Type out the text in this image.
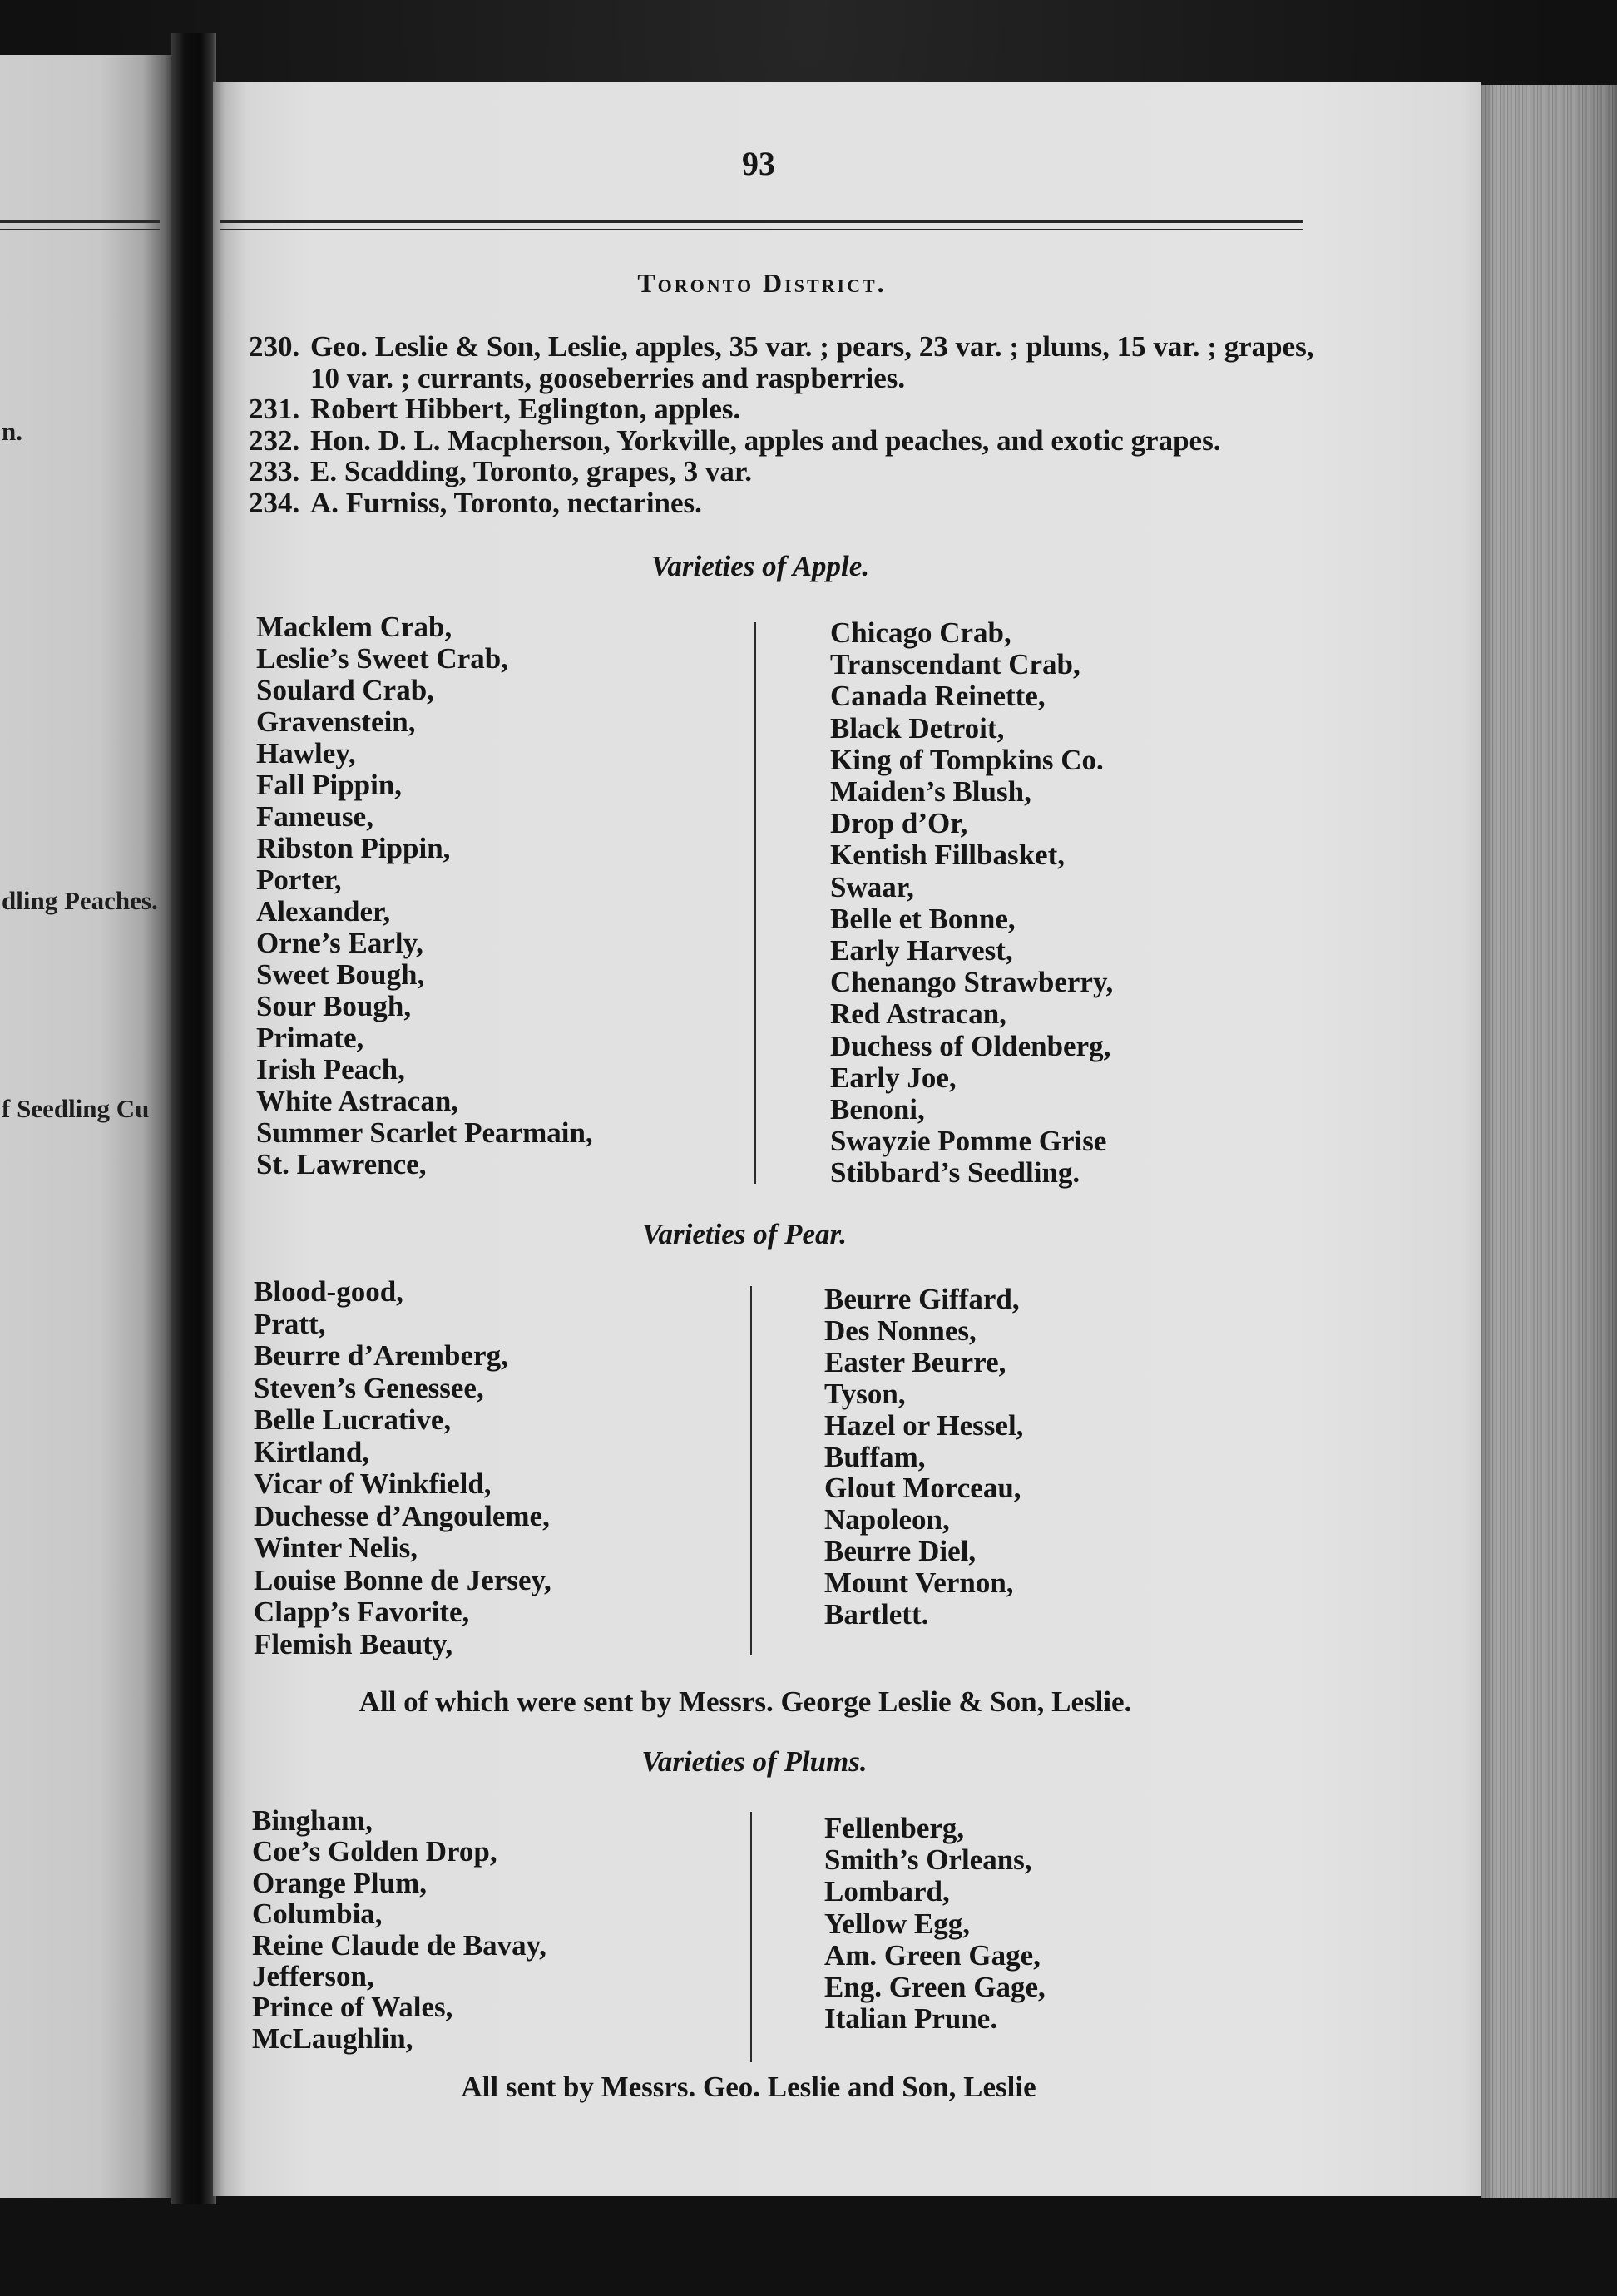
n.
dling Peaches.
f Seedling Cu
93
Toronto District.
230. Geo. Leslie & Son, Leslie, apples, 35 var. ; pears, 23 var. ; plums, 15 var. ; grapes,
10 var. ; currants, gooseberries and raspberries.
231. Robert Hibbert, Eglington, apples.
232. Hon. D. L. Macpherson, Yorkville, apples and peaches, and exotic grapes.
233. E. Scadding, Toronto, grapes, 3 var.
234. A. Furniss, Toronto, nectarines.
Varieties of Apple.
Macklem Crab,
Leslie’s Sweet Crab,
Soulard Crab,
Gravenstein,
Hawley,
Fall Pippin,
Fameuse,
Ribston Pippin,
Porter,
Alexander,
Orne’s Early,
Sweet Bough,
Sour Bough,
Primate,
Irish Peach,
White Astracan,
Summer Scarlet Pearmain,
St. Lawrence,
Chicago Crab,
Transcendant Crab,
Canada Reinette,
Black Detroit,
King of Tompkins Co.
Maiden’s Blush,
Drop d’Or,
Kentish Fillbasket,
Swaar,
Belle et Bonne,
Early Harvest,
Chenango Strawberry,
Red Astracan,
Duchess of Oldenberg,
Early Joe,
Benoni,
Swayzie Pomme Grise
Stibbard’s Seedling.
Varieties of Pear.
Blood-good,
Pratt,
Beurre d’Aremberg,
Steven’s Genessee,
Belle Lucrative,
Kirtland,
Vicar of Winkfield,
Duchesse d’Angouleme,
Winter Nelis,
Louise Bonne de Jersey,
Clapp’s Favorite,
Flemish Beauty,
Beurre Giffard,
Des Nonnes,
Easter Beurre,
Tyson,
Hazel or Hessel,
Buffam,
Glout Morceau,
Napoleon,
Beurre Diel,
Mount Vernon,
Bartlett.
All of which were sent by Messrs. George Leslie & Son, Leslie.
Varieties of Plums.
Bingham,
Coe’s Golden Drop,
Orange Plum,
Columbia,
Reine Claude de Bavay,
Jefferson,
Prince of Wales,
McLaughlin,
Fellenberg,
Smith’s Orleans,
Lombard,
Yellow Egg,
Am. Green Gage,
Eng. Green Gage,
Italian Prune.
All sent by Messrs. Geo. Leslie and Son, Leslie
